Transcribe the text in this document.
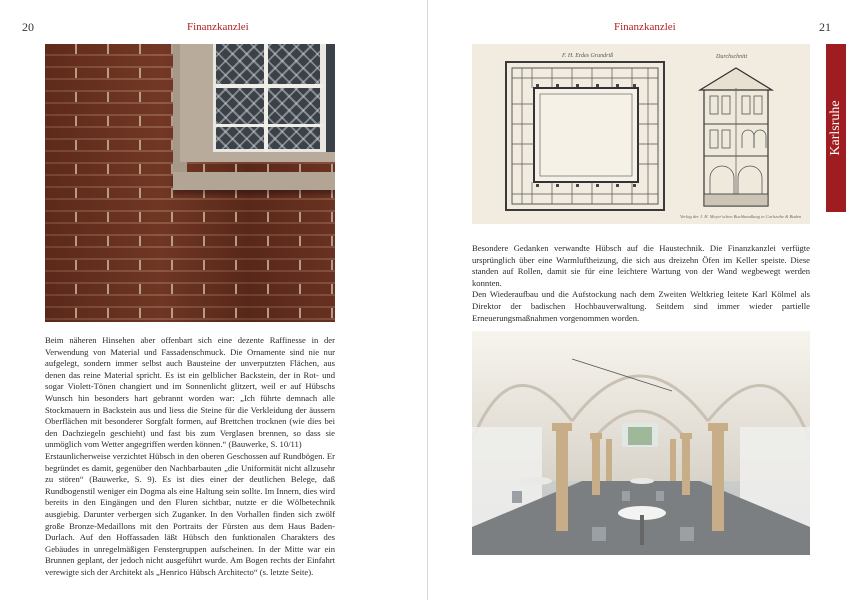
20	Finanzkanzlei

Beim näheren Hinsehen aber offenbart sich eine dezente Raffinesse in der Verwendung von Material und Fassadenschmuck. Die Ornamente sind nie nur aufgelegt, sondern immer selbst auch Bausteine der unverputzten Flächen, aus denen das reine Material spricht. Es ist ein gelblicher Backstein, der in Rot- und sogar Violett-Tönen changiert und im Sonnenlicht glitzert, weil er auf Hübschs Wunsch hin besonders hart gebrannt worden war: „Ich führte demnach alle Stockmauern in Backstein aus und liess die Steine für die Verkleidung der äussern Oberflächen mit besonderer Sorgfalt formen, auf Brettchen trocknen (wie dies bei den Dachziegeln geschieht) und fast bis zum Verglasen brennen, so dass sie unmöglich vom Wetter angegriffen werden können.“ (Bauwerke, S. 10/11)

Erstaunlicherweise verzichtet Hübsch in den oberen Geschossen auf Rundbögen. Er begründet es damit, gegenüber den Nachbarbauten „die Uniformität nicht allzusehr zu stören“ (Bauwerke, S. 9). Es ist dies einer der deutlichen Belege, daß Rundbogenstil weniger ein Dogma als eine Haltung sein sollte. Im Innern, dies wird bereits in den Eingängen und den Fluren sichtbar, nutzte er die Wölbetechnik ausgiebig. Darunter verbergen sich Zuganker. In den Vorhallen finden sich zwölf große Bronze-Medaillons mit den Portraits der Fürsten aus dem Haus Baden-Durlach. Auf den Hoffassaden läßt Hübsch den funktionalen Charakters des Gebäudes in unregelmäßigen Fenstergruppen aufscheinen. In der Mitte war ein Brunnen geplant, der jedoch nicht ausgeführt wurde. Am Bogen rechts der Einfahrt verewigte sich der Architekt als „Henrico Hübsch Architecto“ (s. letzte Seite).

Finanzkanzlei	21
Karlsruhe
F. H. Erdes Grundriß	Durchschnitt
Verlag der J. H. Meyer'schen Buchhandlung in Carlsruhe & Baden

Besondere Gedanken verwandte Hübsch auf die Haustechnik. Die Finanzkanzlei verfügte ursprünglich über eine Warmluftheizung, die sich aus dreizehn Öfen im Keller speiste. Diese standen auf Rollen, damit sie für eine leichtere Wartung von der Wand wegbewegt werden konnten.

Den Wiederaufbau und die Aufstockung nach dem Zweiten Weltkrieg leitete Karl Kölmel als Direktor der badischen Hochbauverwaltung. Seitdem sind immer wieder partielle Erneuerungsmaßnahmen vorgenommen worden.
